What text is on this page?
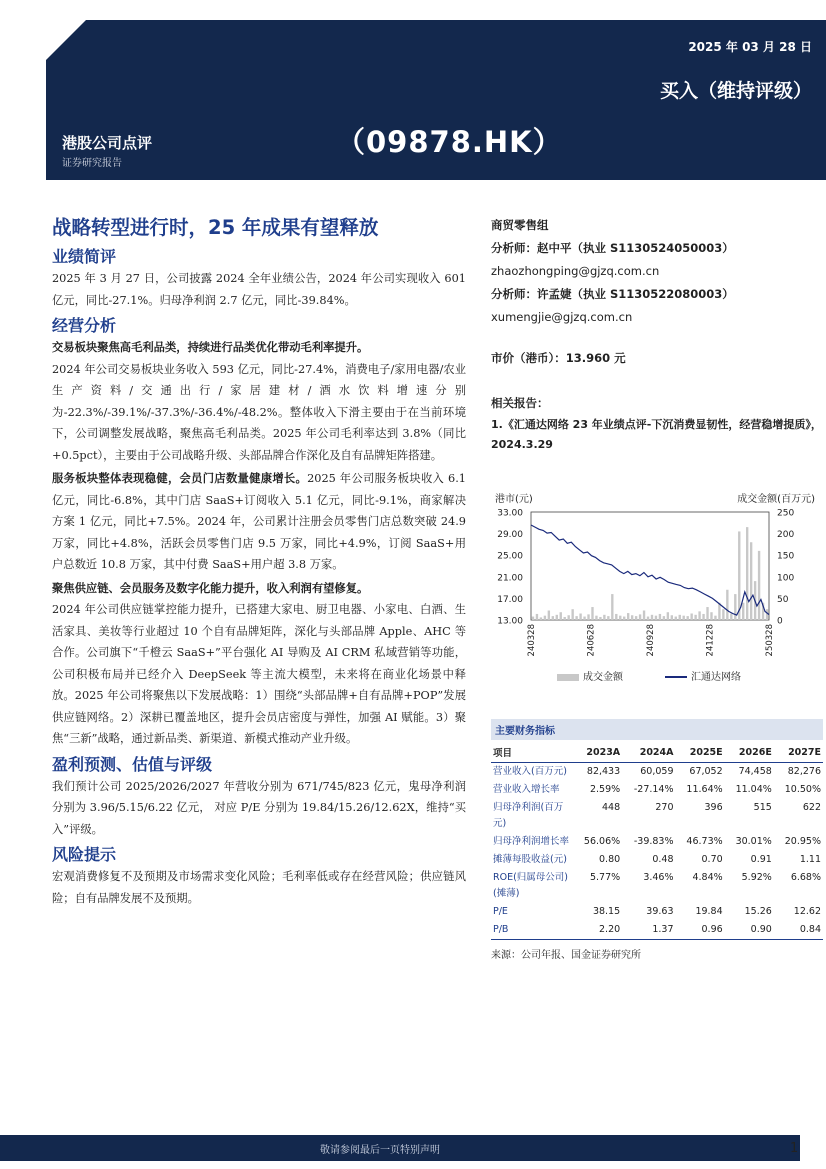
2025 年 03 月 28 日
买入（维持评级）
港股公司点评
证券研究报告
（09878.HK）
战略转型进行时，25 年成果有望释放
业绩简评
2025 年 3 月 27 日，公司披露 2024 全年业绩公告，2024 年公司实现收入 601 亿元，同比-27.1%。归母净利润 2.7 亿元，同比-39.84%。
经营分析
交易板块聚焦高毛利品类，持续进行品类优化带动毛利率提升。
2024 年公司交易板块业务收入 593 亿元，同比-27.4%，消费电子/家用电器/农业生产资料/交通出行/家居建材/酒水饮料增速分别为-22.3%/-39.1%/-37.3%/-36.4%/-48.2%。整体收入下滑主要由于在当前环境下，公司调整发展战略，聚焦高毛利品类。2025 年公司毛利率达到 3.8%（同比+0.5pct），主要由于公司战略升级、头部品牌合作深化及自有品牌矩阵搭建。
服务板块整体表现稳健，会员门店数量健康增长。2025 年公司服务板块收入 6.1 亿元，同比-6.8%，其中门店 SaaS+订阅收入 5.1 亿元，同比-9.1%，商家解决方案 1 亿元，同比+7.5%。2024 年，公司累计注册会员零售门店总数突破 24.9 万家，同比+4.8%，活跃会员零售门店 9.5 万家，同比+4.9%，订阅 SaaS+用户总数近 10.8 万家，其中付费 SaaS+用户超 3.8 万家。
聚焦供应链、会员服务及数字化能力提升，收入利润有望修复。
2024 年公司供应链掌控能力提升，已搭建大家电、厨卫电器、小家电、白酒、生活家具、美妆等行业超过 10 个自有品牌矩阵，深化与头部品牌 Apple、AHC 等合作。公司旗下“千橙云 SaaS+”平台强化 AI 导购及 AI CRM 私域营销等功能，公司积极布局并已经介入 DeepSeek 等主流大模型，未来将在商业化场景中释放。2025 年公司将聚焦以下发展战略：1）围绕“头部品牌+自有品牌+POP”发展供应链网络。2）深耕已覆盖地区，提升会员店密度与弹性，加强 AI 赋能。3）聚焦“三新”战略，通过新品类、新渠道、新模式推动产业升级。
盈利预测、估值与评级
我们预计公司 2025/2026/2027 年营收分别为 671/745/823 亿元，鬼母净利润分别为 3.96/5.15/6.22 亿元， 对应 P/E 分别为 19.84/15.26/12.62X，维持“买入”评级。
风险提示
宏观消费修复不及预期及市场需求变化风险；毛利率低或存在经营风险；供应链风险；自有品牌发展不及预期。
商贸零售组
分析师：赵中平（执业 S1130524050003）
zhaozhongping@gjzq.com.cn
分析师：许孟婕（执业 S1130522080003）
xumengjie@gjzq.com.cn
市价（港币）：13.960 元
相关报告：
1.《汇通达网络 23 年业绩点评-下沉消费显韧性，经营稳增提质》，2024.3.29
港市(元)	成交金额(百万元)
33.00
29.00
25.00
21.00
17.00
13.00
250
200
150
100
50
0
240328	240628	240928	241228	250328
成交金额	汇通达网络
主要财务指标
项目	2023A	2024A	2025E	2026E	2027E
营业收入(百万元)	82,433	60,059	67,052	74,458	82,276
营业收入增长率	2.59%	-27.14%	11.64%	11.04%	10.50%
归母净利润(百万元)	448	270	396	515	622
归母净利润增长率	56.06%	-39.83%	46.73%	30.01%	20.95%
摊薄每股收益(元)	0.80	0.48	0.70	0.91	1.11
ROE(归属母公司)(摊薄)	5.77%	3.46%	4.84%	5.92%	6.68%
P/E	38.15	39.63	19.84	15.26	12.62
P/B	2.20	1.37	0.96	0.90	0.84
来源：公司年报、国金证券研究所
敬请参阅最后一页特别声明	1
